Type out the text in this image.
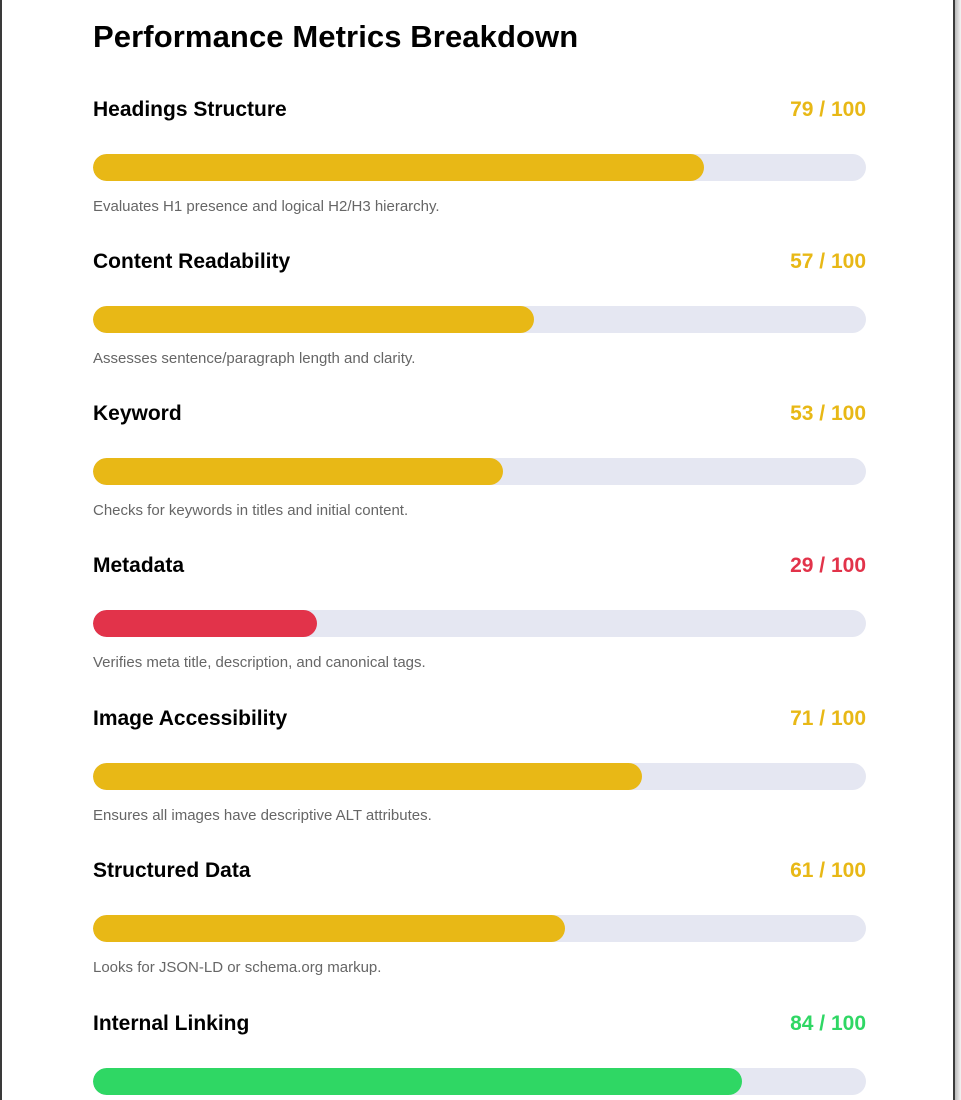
Performance Metrics Breakdown
Headings Structure	79 / 100
Evaluates H1 presence and logical H2/H3 hierarchy.
Content Readability	57 / 100
Assesses sentence/paragraph length and clarity.
Keyword	53 / 100
Checks for keywords in titles and initial content.
Metadata	29 / 100
Verifies meta title, description, and canonical tags.
Image Accessibility	71 / 100
Ensures all images have descriptive ALT attributes.
Structured Data	61 / 100
Looks for JSON-LD or schema.org markup.
Internal Linking	84 / 100
